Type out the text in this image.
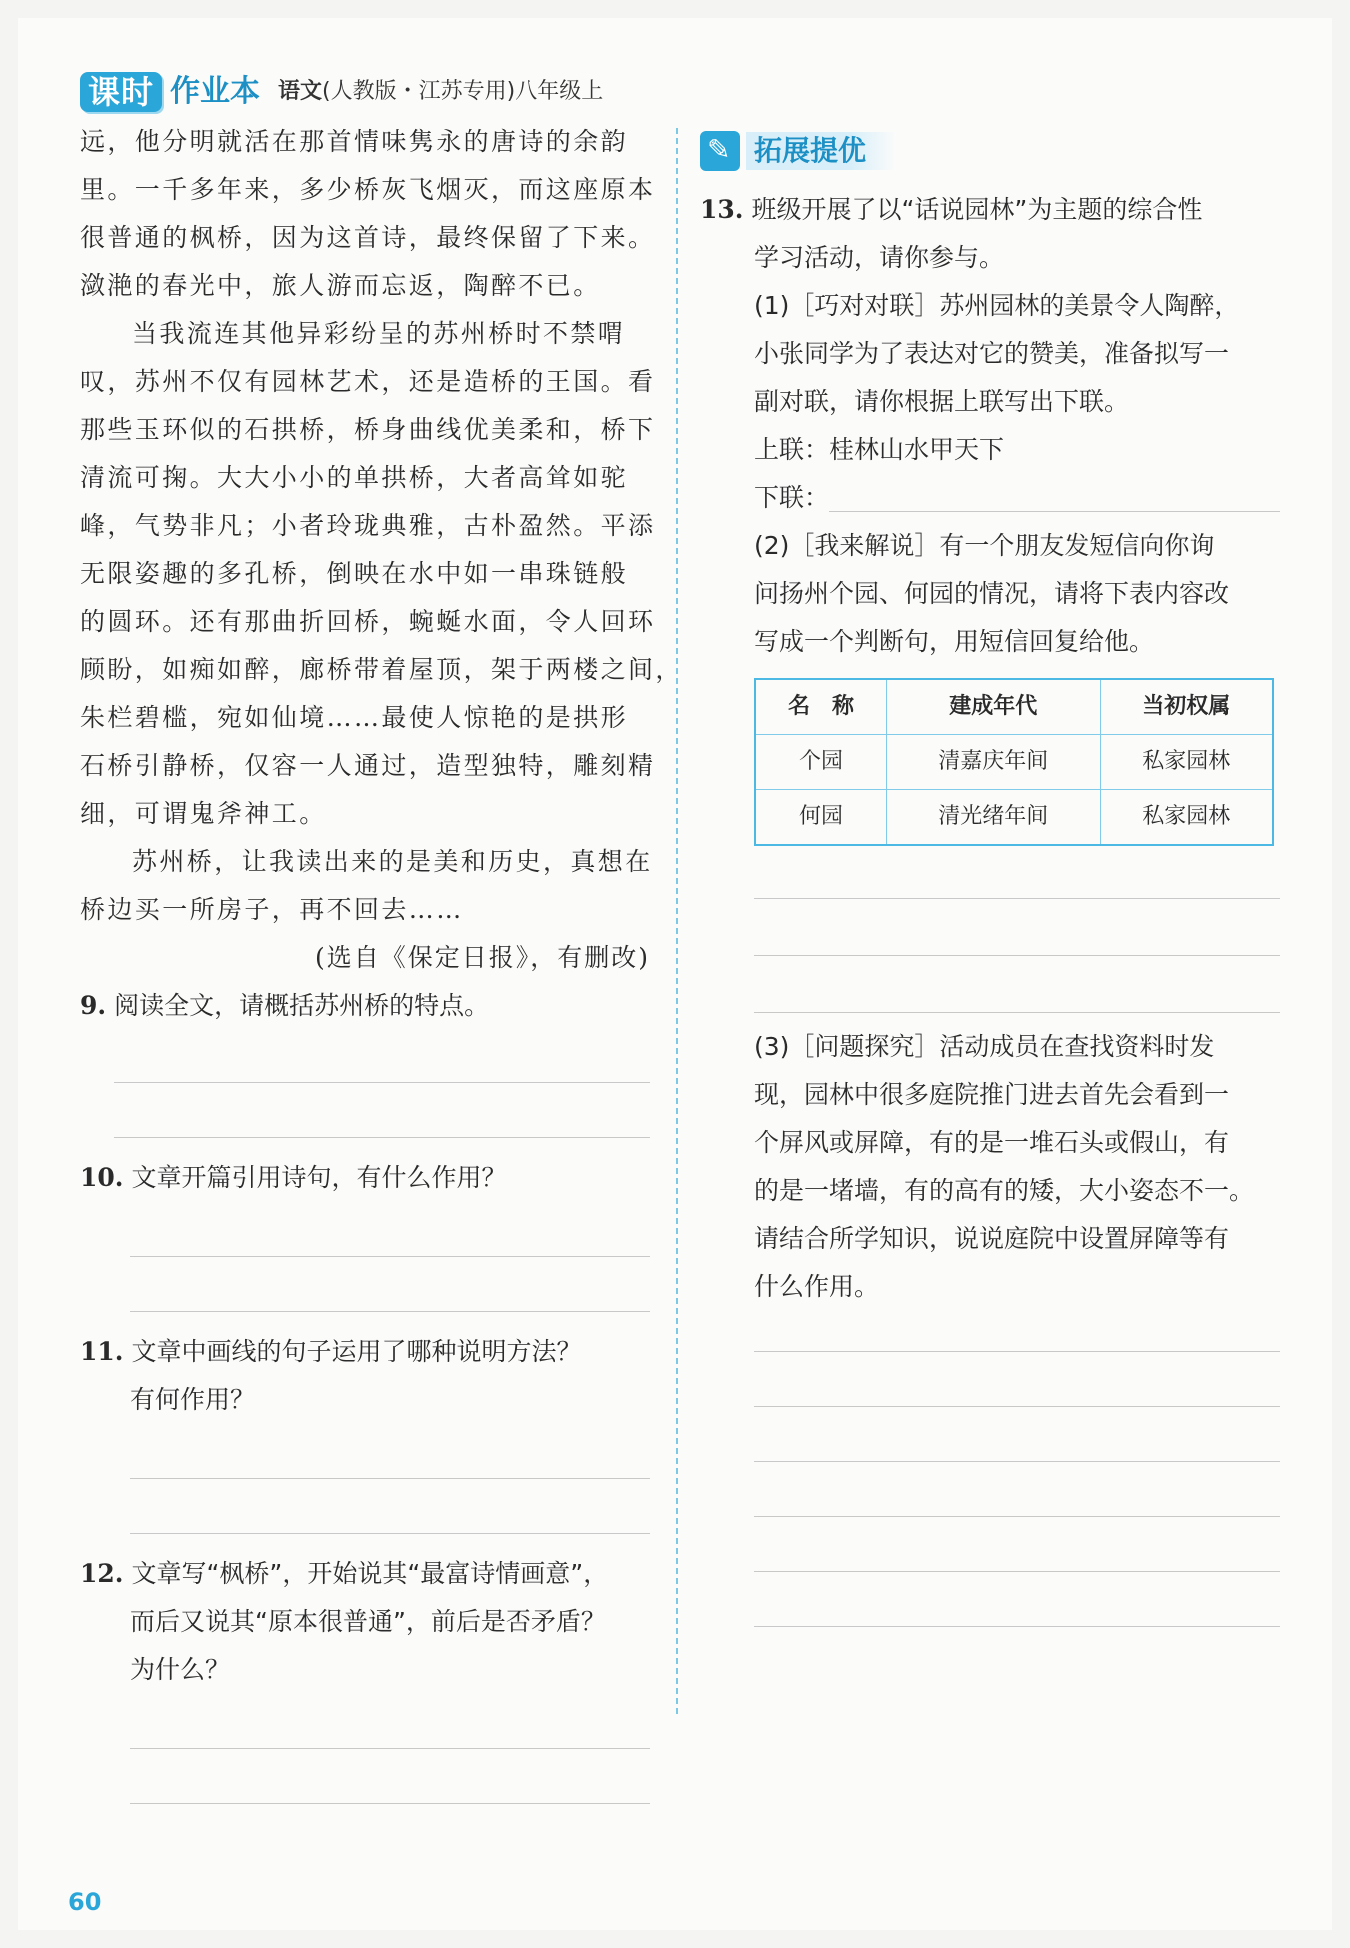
课时 作业本 语文(人教版・江苏专用)八年级上
远，他分明就活在那首情味隽永的唐诗的余韵
里。一千多年来，多少桥灰飞烟灭，而这座原本
很普通的枫桥，因为这首诗，最终保留了下来。
潋滟的春光中，旅人游而忘返，陶醉不已。
当我流连其他异彩纷呈的苏州桥时不禁喟
叹，苏州不仅有园林艺术，还是造桥的王国。看
那些玉环似的石拱桥，桥身曲线优美柔和，桥下
清流可掬。大大小小的单拱桥，大者高耸如驼
峰，气势非凡；小者玲珑典雅，古朴盈然。平添
无限姿趣的多孔桥，倒映在水中如一串珠链般
的圆环。还有那曲折回桥，蜿蜒水面，令人回环
顾盼，如痴如醉，廊桥带着屋顶，架于两楼之间，
朱栏碧槛，宛如仙境……最使人惊艳的是拱形
石桥引静桥，仅容一人通过，造型独特，雕刻精
细，可谓鬼斧神工。
苏州桥，让我读出来的是美和历史，真想在
桥边买一所房子，再不回去……
(选自《保定日报》，有删改)
9. 阅读全文，请概括苏州桥的特点。
10. 文章开篇引用诗句，有什么作用？
11. 文章中画线的句子运用了哪种说明方法？
有何作用？
12. 文章写“枫桥”，开始说其“最富诗情画意”，
而后又说其“原本很普通”，前后是否矛盾？
为什么？
✎
拓展提优
13. 班级开展了以“话说园林”为主题的综合性
学习活动，请你参与。
(1)［巧对对联］苏州园林的美景令人陶醉，
小张同学为了表达对它的赞美，准备拟写一
副对联，请你根据上联写出下联。
上联：桂林山水甲天下
下联：
(2)［我来解说］有一个朋友发短信向你询
问扬州个园、何园的情况，请将下表内容改
写成一个判断句，用短信回复给他。
名　称	建成年代	当初权属
个园	清嘉庆年间	私家园林
何园	清光绪年间	私家园林
(3)［问题探究］活动成员在查找资料时发
现，园林中很多庭院推门进去首先会看到一
个屏风或屏障，有的是一堆石头或假山，有
的是一堵墙，有的高有的矮，大小姿态不一。
请结合所学知识，说说庭院中设置屏障等有
什么作用。
60
